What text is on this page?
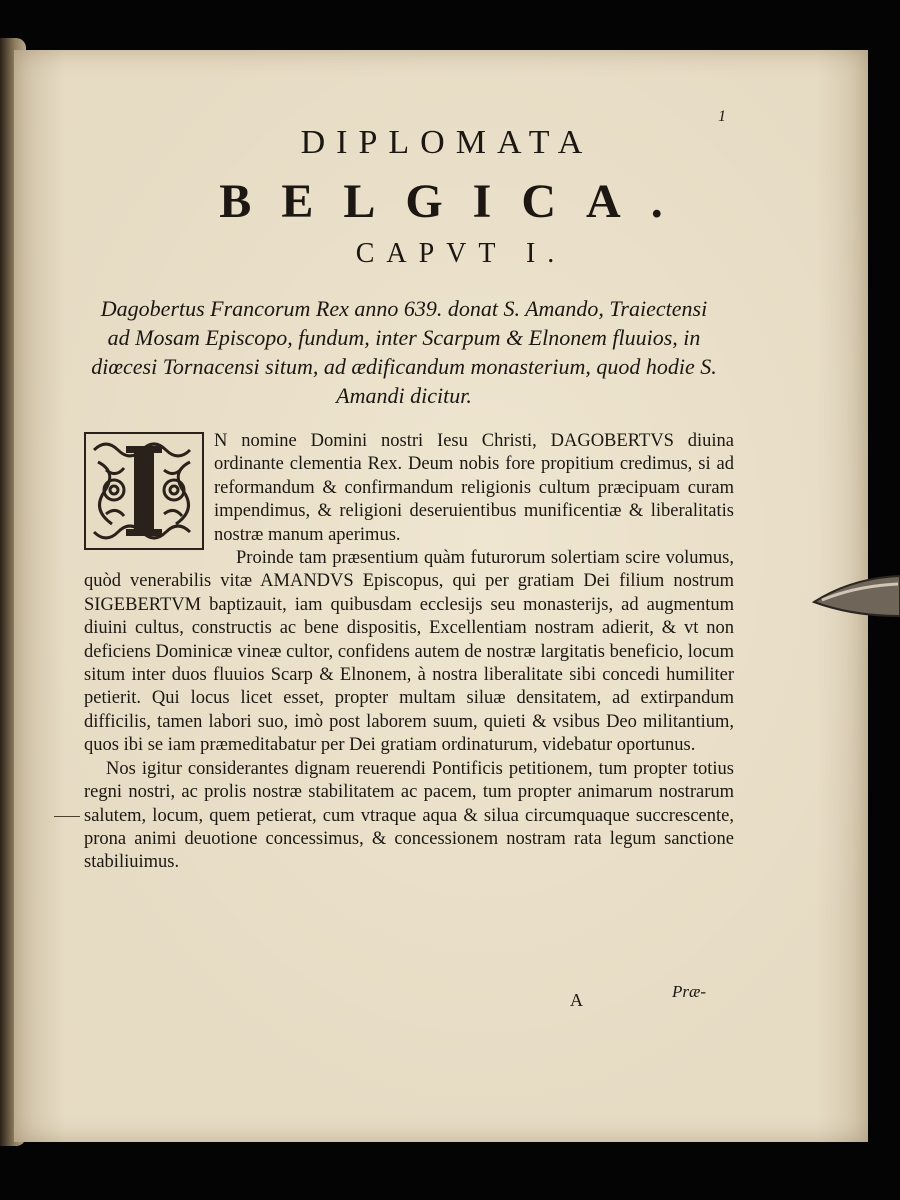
1
DIPLOMATA
BELGICA.
CAPVT I.
Dagobertus Francorum Rex anno 639. donat S. Amando, Traiectensi ad Mosam Episcopo, fundum, inter Scarpum & Elnonem fluuios, in diœcesi Tornacensi situm, ad ædificandum monasterium, quod hodie S. Amandi dicitur.

N nomine Domini nostri Iesu Christi, DAGOBERTVS diuina ordinante clementia Rex. Deum nobis fore propitium credimus, si ad reformandum & confirmandum religionis cultum præcipuam curam impendimus, & religioni deseruientibus munificentiæ & liberalitatis nostræ manum aperimus.

Proinde tam præsentium quàm futurorum solertiam scire volumus, quòd venerabilis vitæ AMANDVS Episcopus, qui per gratiam Dei filium nostrum SIGEBERTVM baptizauit, iam quibusdam ecclesijs seu monasterijs, ad augmentum diuini cultus, constructis ac bene dispositis, Excellentiam nostram adierit, & vt non deficiens Dominicæ vineæ cultor, confidens autem de nostræ largitatis beneficio, locum situm inter duos fluuios Scarp & Elnonem, à nostra liberalitate sibi concedi humiliter petierit. Qui locus licet esset, propter multam siluæ densitatem, ad extirpandum difficilis, tamen labori suo, imò post laborem suum, quieti & vsibus Deo militantium, quos ibi se iam præmeditabatur per Dei gratiam ordinaturum, videbatur oportunus.

Nos igitur considerantes dignam reuerendi Pontificis petitionem, tum propter totius regni nostri, ac prolis nostræ stabilitatem ac pacem, tum propter animarum nostrarum salutem, locum, quem petierat, cum vtraque aqua & silua circumquaque succrescente, prona animi deuotione concessimus, & concessionem nostram rata legum sanctione stabiliuimus.

A	Præ-
